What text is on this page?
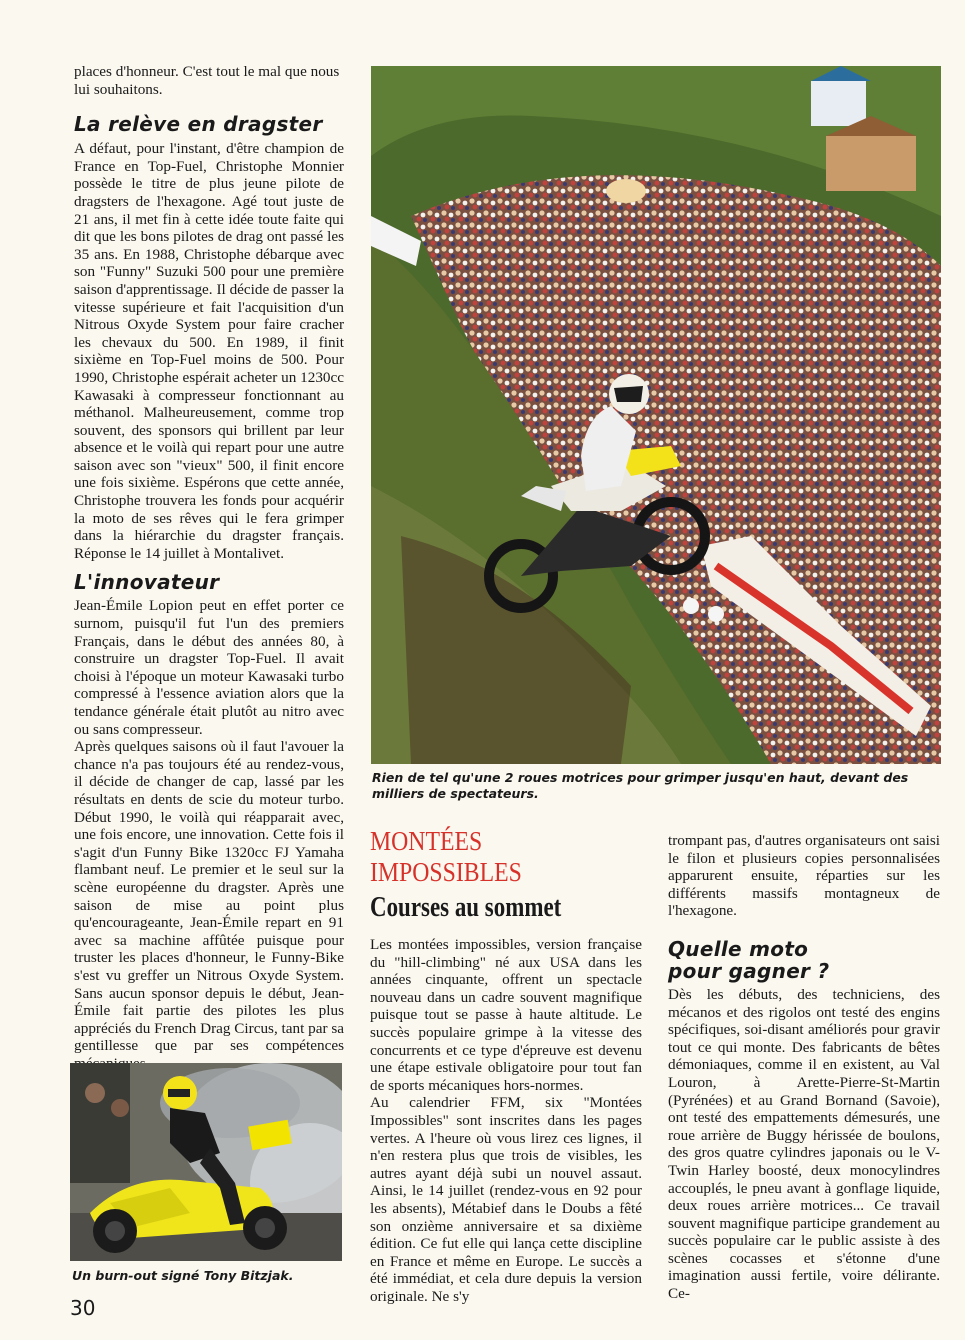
places d'honneur. C'est tout le mal que nous lui souhaitons.

La relève en dragster

A défaut, pour l'instant, d'être champion de France en Top-Fuel, Christophe Monnier possède le titre de plus jeune pilote de dragsters de l'hexagone. Agé tout juste de 21 ans, il met fin à cette idée toute faite qui dit que les bons pilotes de drag ont passé les 35 ans. En 1988, Christophe débarque avec son "Funny" Suzuki 500 pour une première saison d'apprentissage. Il décide de passer la vitesse supérieure et fait l'acquisition d'un Nitrous Oxyde System pour faire cracher les chevaux du 500. En 1989, il finit sixième en Top-Fuel moins de 500. Pour 1990, Christophe espérait acheter un 1230cc Kawasaki à compresseur fonctionnant au méthanol. Malheureusement, comme trop souvent, des sponsors qui brillent par leur absence et le voilà qui repart pour une autre saison avec son "vieux" 500, il finit encore une fois sixième. Espérons que cette année, Christophe trouvera les fonds pour acquérir la moto de ses rêves qui le fera grimper dans la hiérarchie du dragster français. Réponse le 14 juillet à Montalivet.

L'innovateur

Jean-Émile Lopion peut en effet porter ce surnom, puisqu'il fut l'un des premiers Français, dans le début des années 80, à construire un dragster Top-Fuel. Il avait choisi à l'époque un moteur Kawasaki turbo compressé à l'essence aviation alors que la tendance générale était plutôt au nitro avec ou sans compresseur.

Après quelques saisons où il faut l'avouer la chance n'a pas toujours été au rendez-vous, il décide de changer de cap, lassé par les résultats en dents de scie du moteur turbo. Début 1990, le voilà qui réapparait avec, une fois encore, une innovation. Cette fois il s'agit d'un Funny Bike 1320cc FJ Yamaha flambant neuf. Le premier et le seul sur la scène européenne du dragster. Après une saison de mise au point plus qu'encourageante, Jean-Émile repart en 91 avec sa machine affûtée puisque pour truster les places d'honneur, le Funny-Bike s'est vu greffer un Nitrous Oxyde System. Sans aucun sponsor depuis le début, Jean-Émile fait partie des pilotes les plus appréciés du French Drag Circus, tant par sa gentillesse que par ses compétences

Un burn-out signé Tony Bitzjak.
Rien de tel qu'une 2 roues motrices pour grimper jusqu'en haut, devant des milliers de spectateurs.
MONTÉES
IMPOSSIBLES
Courses au sommet

Les montées impossibles, version française du "hill-climbing" né aux USA dans les années cinquante, offrent un spectacle nouveau dans un cadre souvent magnifique puisque tout se passe à haute altitude. Le succès populaire grimpe à la vitesse des concurrents et ce type d'épreuve est devenu une étape estivale obligatoire pour tout fan de sports mécaniques hors-normes.

Au calendrier FFM, six "Montées Impossibles" sont inscrites dans les pages vertes. A l'heure où vous lirez ces lignes, il n'en restera plus que trois de visibles, les autres ayant déjà subi un nouvel assaut. Ainsi, le 14 juillet (rendez-vous en 92 pour les absents), Métabief dans le Doubs a fêté son onzième anniversaire et sa dixième édition. Ce fut elle qui lança cette discipline en France et même en Europe. Le succès a été immédiat, et cela dure depuis la version originale. Ne s'y

trompant pas, d'autres organisateurs ont saisi le filon et plusieurs copies personnalisées apparurent ensuite, réparties sur les différents massifs montagneux de l'hexagone.

Quelle moto
pour gagner ?

Dès les débuts, des techniciens, des mécanos et des rigolos ont testé des engins spécifiques, soi-disant améliorés pour gravir tout ce qui monte. Des fabricants de bêtes démoniaques, comme il en existent, au Val Louron, à Arette-Pierre-St-Martin (Pyrénées) et au Grand Bornand (Savoie), ont testé des empattements démesurés, une roue arrière de Buggy hérissée de boulons, des gros quatre cylindres japonais ou le V-Twin Harley boosté, deux monocylindres accouplés, le pneu avant à gonflage liquide, deux roues arrière motrices... Ce travail souvent magnifique participe grandement au succès populaire car le public assiste à des scènes cocasses et s'étonne d'une imagination aussi fertile, voire délirante. Ce-

30
